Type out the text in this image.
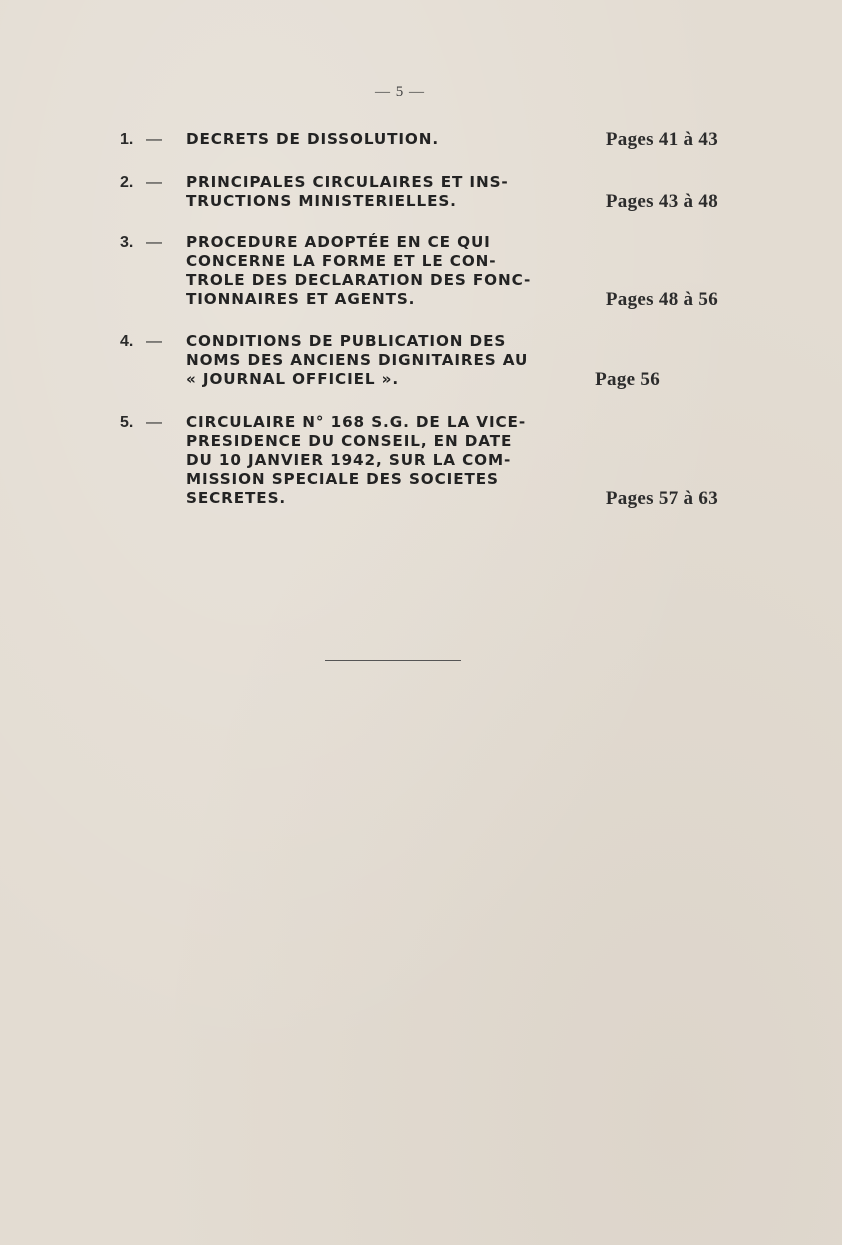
— 5 —
1. —	DECRETS DE DISSOLUTION.	Pages 41 à 43
2. —	PRINCIPALES CIRCULAIRES ET INS-
TRUCTIONS MINISTERIELLES.	Pages 43 à 48
3. —	PROCEDURE ADOPTÉE EN CE QUI
CONCERNE LA FORME ET LE CON-
TROLE DES DECLARATION DES FONC-
TIONNAIRES ET AGENTS.	Pages 48 à 56
4. —	CONDITIONS DE PUBLICATION DES
NOMS DES ANCIENS DIGNITAIRES AU
« JOURNAL OFFICIEL ».	Page 56
5. —	CIRCULAIRE N° 168 S.G. DE LA VICE-
PRESIDENCE DU CONSEIL, EN DATE
DU 10 JANVIER 1942, SUR LA COM-
MISSION SPECIALE DES SOCIETES
SECRETES.	Pages 57 à 63
